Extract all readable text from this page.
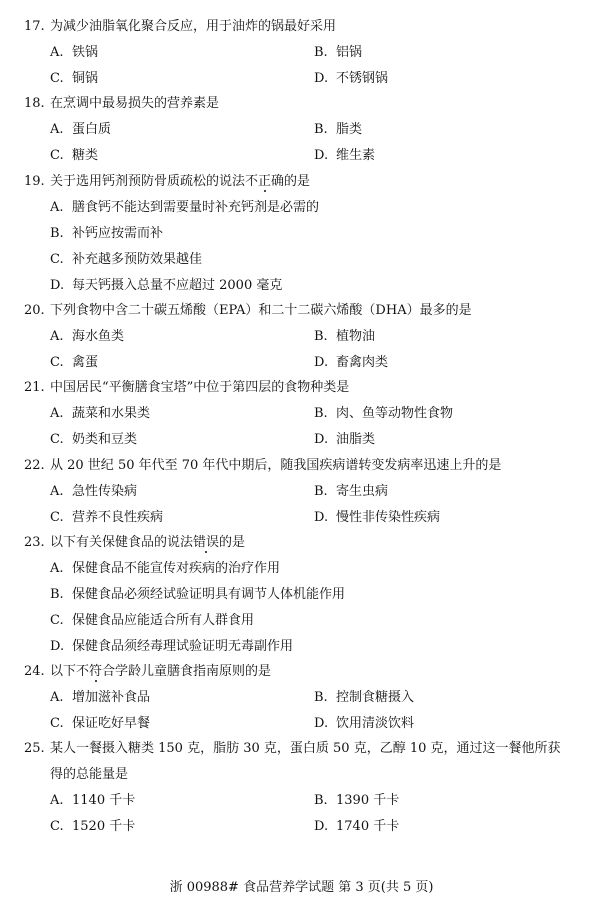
17. 为减少油脂氧化聚合反应，用于油炸的锅最好采用
A. 铁锅	B. 铝锅
C. 铜锅	D. 不锈钢锅
18. 在烹调中最易损失的营养素是
A. 蛋白质	B. 脂类
C. 糖类	D. 维生素
19. 关于选用钙剂预防骨质疏松的说法不正确的是
A. 膳食钙不能达到需要量时补充钙剂是必需的
B. 补钙应按需而补
C. 补充越多预防效果越佳
D. 每天钙摄入总量不应超过 2000 毫克
20. 下列食物中含二十碳五烯酸（EPA）和二十二碳六烯酸（DHA）最多的是
A. 海水鱼类	B. 植物油
C. 禽蛋	D. 畜禽肉类
21. 中国居民“平衡膳食宝塔”中位于第四层的食物种类是
A. 蔬菜和水果类	B. 肉、鱼等动物性食物
C. 奶类和豆类	D. 油脂类
22. 从 20 世纪 50 年代至 70 年代中期后，随我国疾病谱转变发病率迅速上升的是
A. 急性传染病	B. 寄生虫病
C. 营养不良性疾病	D. 慢性非传染性疾病
23. 以下有关保健食品的说法错误的是
A. 保健食品不能宣传对疾病的治疗作用
B. 保健食品必须经试验证明具有调节人体机能作用
C. 保健食品应能适合所有人群食用
D. 保健食品须经毒理试验证明无毒副作用
24. 以下不符合学龄儿童膳食指南原则的是
A. 增加滋补食品	B. 控制食糖摄入
C. 保证吃好早餐	D. 饮用清淡饮料
25. 某人一餐摄入糖类 150 克，脂肪 30 克，蛋白质 50 克，乙醇 10 克，通过这一餐他所获
得的总能量是
A. 1140 千卡	B. 1390 千卡
C. 1520 千卡	D. 1740 千卡
浙 00988# 食品营养学试题 第 3 页(共 5 页)
